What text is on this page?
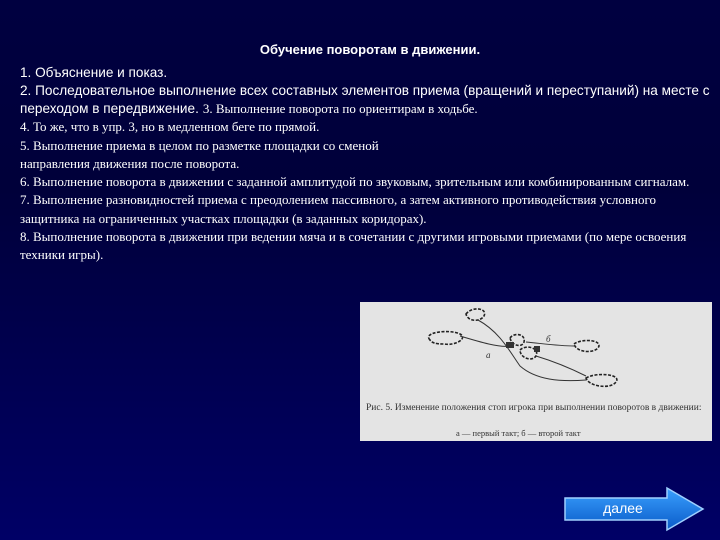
Обучение поворотам в движении.

1. Объяснение и показ.

2. Последовательное выполнение всех составных элементов приема (вращений и переступаний) на месте с переходом в передвижение. 3. Выполнение поворота по ориентирам в ходьбе.

4. То же, что в упр. 3, но в медленном беге по прямой.

5. Выполнение приема в целом по разметке площадки со сменой

направления движения после поворота.

6. Выполнение поворота в движении с заданной амплитудой по звуковым, зрительным или комбинированным сигналам.

7. Выполнение разновидностей приема с преодолением пассивного, а затем активного противодействия условного защитника на ограниченных участках площадки (в заданных коридорах).

8. Выполнение поворота в движении при ведении мяча и в сочетании с другими игровыми приемами (по мере освоения техники игры).

а
б
Рис. 5. Изменение положения стоп игрока при выполнении поворотов в движении:
а — первый такт; б — второй такт
далее
